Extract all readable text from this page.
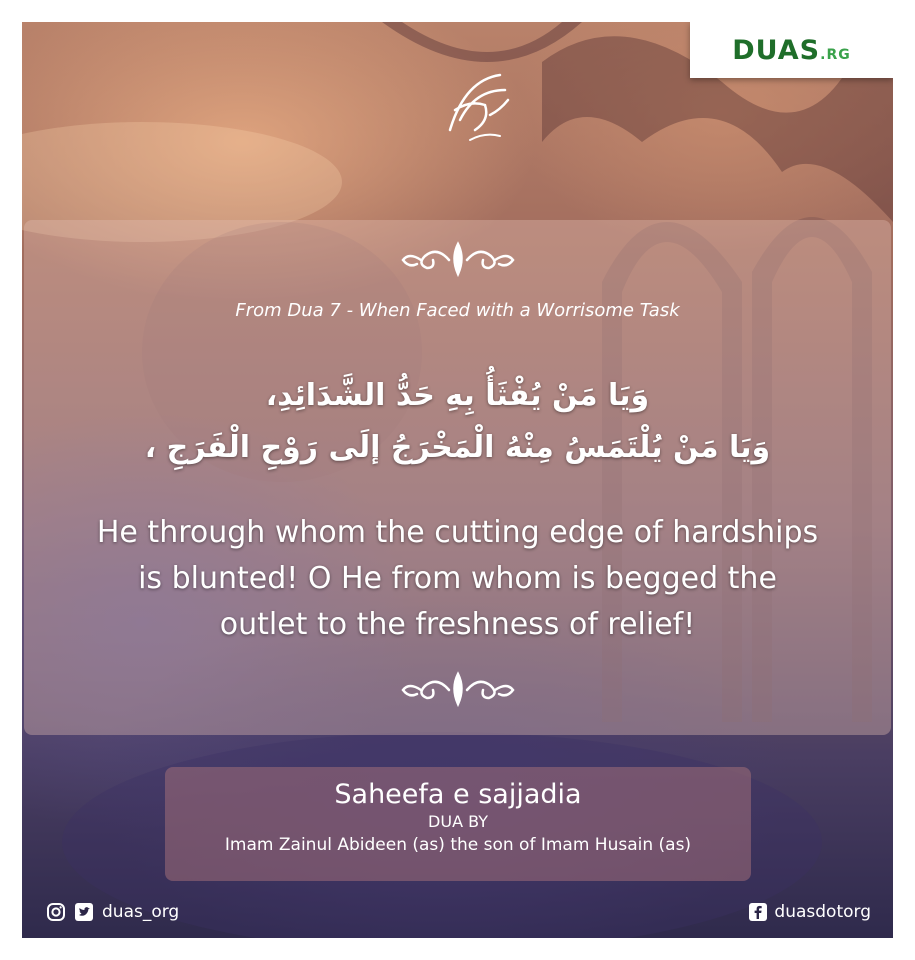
DUAS.RG
From Dua 7 - When Faced with a Worrisome Task
وَيَا مَنْ يُفْثَأُ بِهِ حَدُّ الشَّدَائِدِ،
وَيَا مَنْ يُلْتَمَسُ مِنْهُ الْمَخْرَجُ إلَى رَوْحِ الْفَرَجِ ،
He through whom the cutting edge of hardships
is blunted! O He from whom is begged the
outlet to the freshness of relief!
Saheefa e sajjadia
DUA BY
Imam Zainul Abideen (as) the son of Imam Husain (as)
duas_org	duasdotorg
